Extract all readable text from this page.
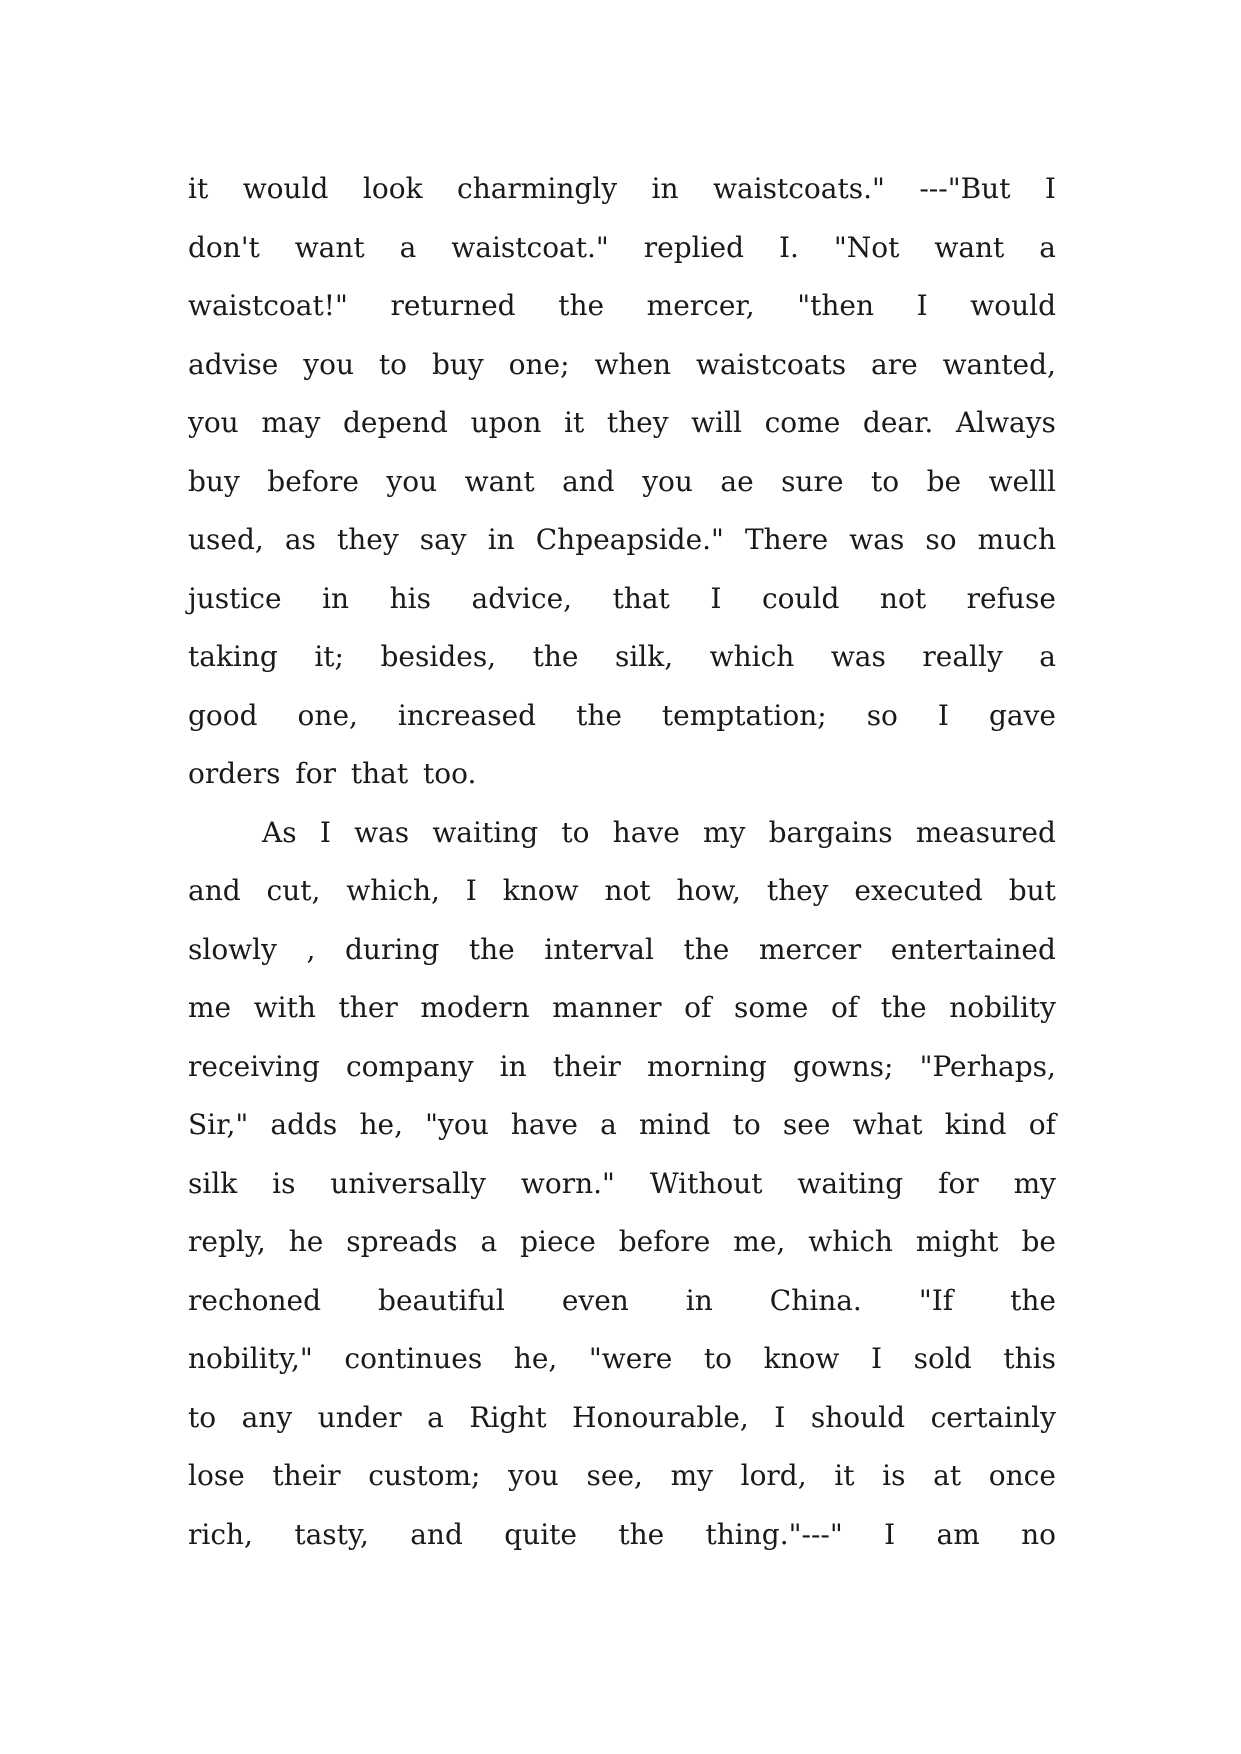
it would look charmingly in waistcoats." ---"But I
don't want a waistcoat." replied I. "Not want a
waistcoat!" returned the mercer, "then I would
advise you to buy one; when waistcoats are wanted,
you may depend upon it they will come dear. Always
buy before you want and you ae sure to be welll
used, as they say in Chpeapside." There was so much
justice in his advice, that I could not refuse
taking it; besides, the silk, which was really a
good one, increased the temptation; so I gave
orders for that too.
As I was waiting to have my bargains measured
and cut, which, I know not how, they executed but
slowly , during the interval the mercer entertained
me with ther modern manner of some of the nobility
receiving company in their morning gowns; "Perhaps,
Sir," adds he, "you have a mind to see what kind of
silk is universally worn." Without waiting for my
reply, he spreads a piece before me, which might be
rechoned beautiful even in China. "If the
nobility," continues he, "were to know I sold this
to any under a Right Honourable, I should certainly
lose their custom; you see, my lord, it is at once
rich, tasty, and quite the thing."---" I am no
